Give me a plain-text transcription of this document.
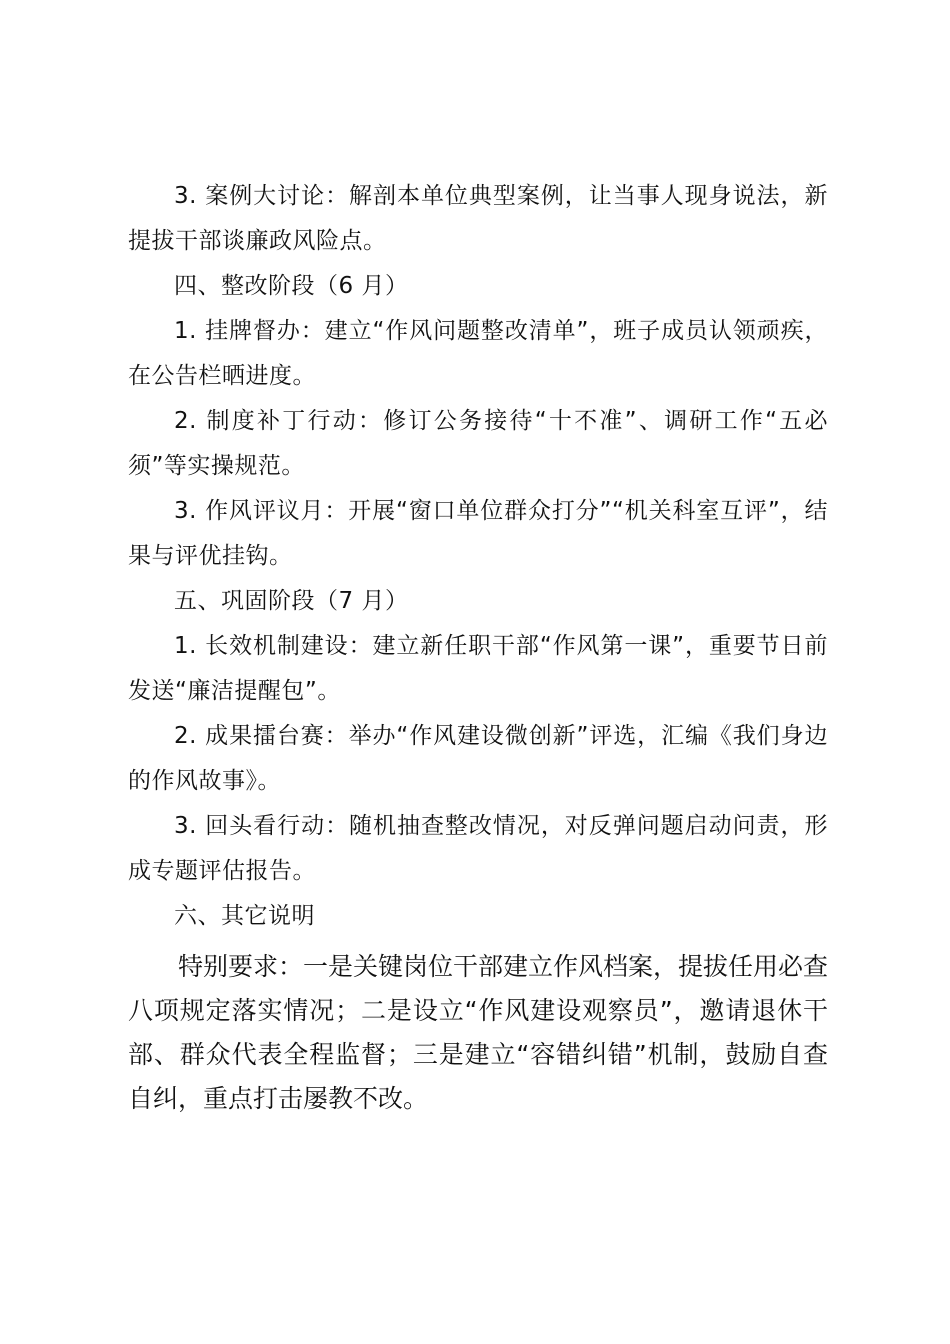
3. 案例大讨论：解剖本单位典型案例，让当事人现身说法，新提拔干部谈廉政风险点。

四、整改阶段（6 月）

1. 挂牌督办：建立“作风问题整改清单”，班子成员认领顽疾，在公告栏晒进度。

2. 制度补丁行动：修订公务接待“十不准”、调研工作“五必须”等实操规范。

3. 作风评议月：开展“窗口单位群众打分”“机关科室互评”，结果与评优挂钩。

五、巩固阶段（7 月）

1. 长效机制建设：建立新任职干部“作风第一课”，重要节日前发送“廉洁提醒包”。

2. 成果擂台赛：举办“作风建设微创新”评选，汇编《我们身边的作风故事》。

3. 回头看行动：随机抽查整改情况，对反弹问题启动问责，形成专题评估报告。

六、其它说明

特别要求：一是关键岗位干部建立作风档案，提拔任用必查八项规定落实情况；二是设立“作风建设观察员”，邀请退休干部、群众代表全程监督；三是建立“容错纠错”机制，鼓励自查自纠，重点打击屡教不改。
